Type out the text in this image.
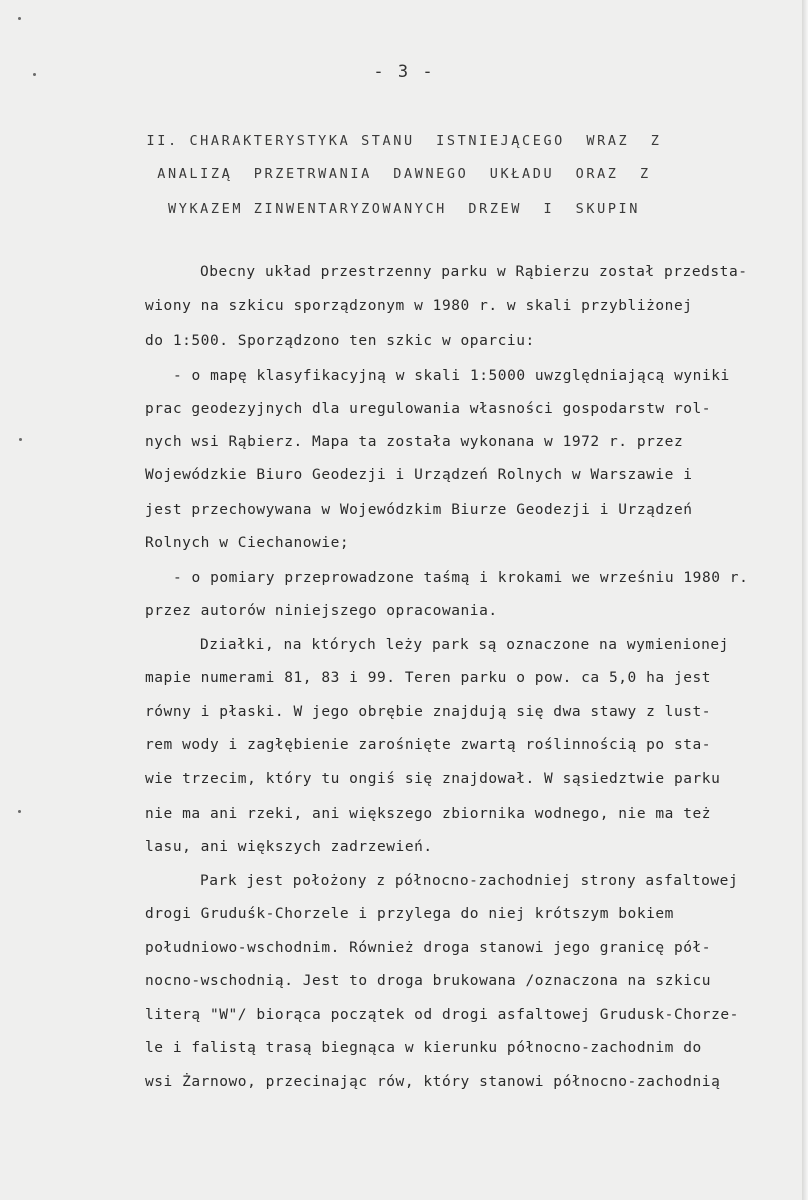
- 3 -
II. CHARAKTERYSTYKA STANU  ISTNIEJĄCEGO  WRAZ  Z
ANALIZĄ  PRZETRWANIA  DAWNEGO  UKŁADU  ORAZ  Z
WYKAZEM ZINWENTARYZOWANYCH  DRZEW  I  SKUPIN
Obecny układ przestrzenny parku w Rąbierzu został przedsta-
wiony na szkicu sporządzonym w 1980 r. w skali przybliżonej
do 1:500. Sporządzono ten szkic w oparciu:
- o mapę klasyfikacyjną w skali 1:5000 uwzględniającą wyniki
prac geodezyjnych dla uregulowania własności gospodarstw rol-
nych wsi Rąbierz. Mapa ta została wykonana w 1972 r. przez
Wojewódzkie Biuro Geodezji i Urządzeń Rolnych w Warszawie i
jest przechowywana w Wojewódzkim Biurze Geodezji i Urządzeń
Rolnych w Ciechanowie;
- o pomiary przeprowadzone taśmą i krokami we wrześniu 1980 r.
przez autorów niniejszego opracowania.
Działki, na których leży park są oznaczone na wymienionej
mapie numerami 81, 83 i 99. Teren parku o pow. ca 5,0 ha jest
równy i płaski. W jego obrębie znajdują się dwa stawy z lust-
rem wody i zagłębienie zarośnięte zwartą roślinnością po sta-
wie trzecim, który tu ongiś się znajdował. W sąsiedztwie parku
nie ma ani rzeki, ani większego zbiornika wodnego, nie ma też
lasu, ani większych zadrzewień.
Park jest położony z północno-zachodniej strony asfaltowej
drogi Gruduśk-Chorzele i przylega do niej krótszym bokiem
południowo-wschodnim. Również droga stanowi jego granicę pół-
nocno-wschodnią. Jest to droga brukowana /oznaczona na szkicu
literą "W"/ biorąca początek od drogi asfaltowej Grudusk-Chorze-
le i falistą trasą biegnąca w kierunku północno-zachodnim do
wsi Żarnowo, przecinając rów, który stanowi północno-zachodnią
